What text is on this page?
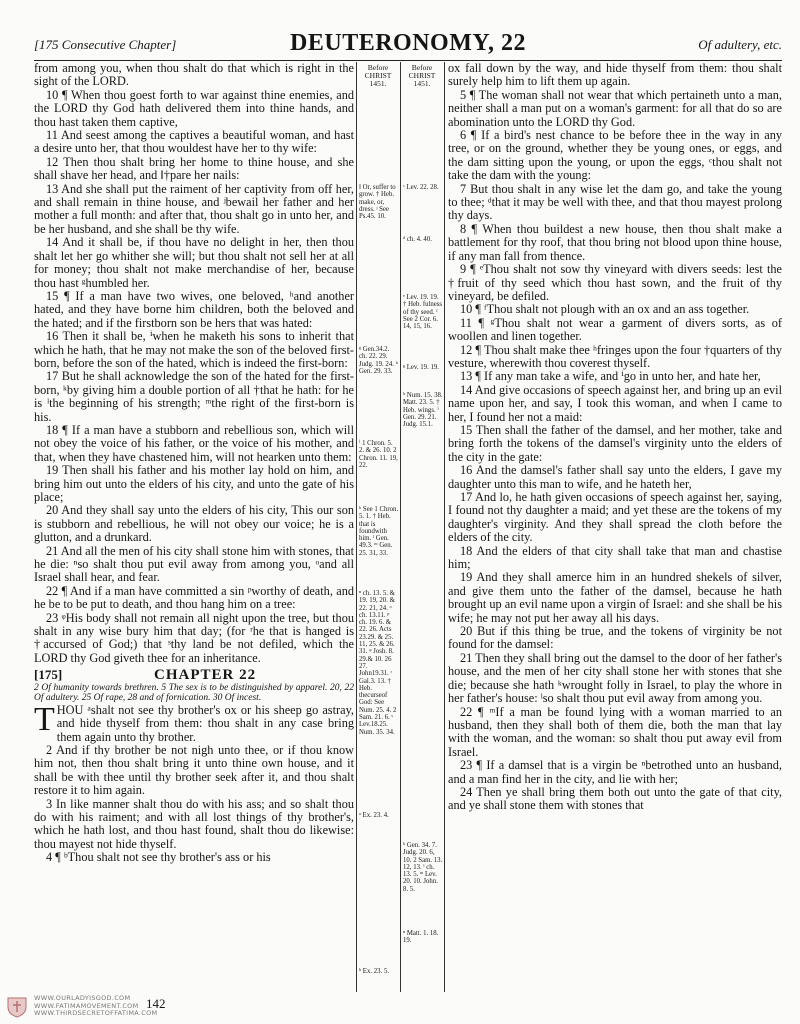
[175 Consecutive Chapter]	DEUTERONOMY, 22	Of adultery, etc.

from among you, when thou shalt do that which is right in the sight of the LORD.

10 ¶ When thou goest forth to war against thine enemies, and the LORD thy God hath delivered them into thine hands, and thou hast taken them captive,

11 And seest among the captives a beautiful woman, and hast a desire unto her, that thou wouldest have her to thy wife:

12 Then thou shalt bring her home to thine house, and she shall shave her head, and ‖†pare her nails:

13 And she shall put the raiment of her captivity from off her, and shall remain in thine house, and ʲbewail her father and her mother a full month: and after that, thou shalt go in unto her, and be her husband, and she shall be thy wife.

14 And it shall be, if thou have no delight in her, then thou shalt let her go whither she will; but thou shalt not sell her at all for money; thou shalt not make merchandise of her, because thou hast ᵍhumbled her.

15 ¶ If a man have two wives, one beloved, ʰand another hated, and they have borne him children, both the beloved and the hated; and if the firstborn son be hers that was hated:

16 Then it shall be, ⁱwhen he maketh his sons to inherit that which he hath, that he may not make the son of the beloved first-born, before the son of the hated, which is indeed the first-born:

17 But he shall acknowledge the son of the hated for the first-born, ᵏby giving him a double portion of all †that he hath: for he is ˡthe beginning of his strength; ᵐthe right of the first-born is his.

18 ¶ If a man have a stubborn and rebellious son, which will not obey the voice of his father, or the voice of his mother, and that, when they have chastened him, will not hearken unto them:

19 Then shall his father and his mother lay hold on him, and bring him out unto the elders of his city, and unto the gate of his place;

20 And they shall say unto the elders of his city, This our son is stubborn and rebellious, he will not obey our voice; he is a glutton, and a drunkard.

21 And all the men of his city shall stone him with stones, that he die: ⁿso shalt thou put evil away from among you, ᵒand all Israel shall hear, and fear.

22 ¶ And if a man have committed a sin ᵖworthy of death, and he be to be put to death, and thou hang him on a tree:

23 ᵠHis body shall not remain all night upon the tree, but thou shalt in any wise bury him that day; (for ʳhe that is hanged is †accursed of God;) that ˢthy land be not defiled, which the LORD thy God giveth thee for an inheritance.

[175]	CHAPTER 22

2 Of humanity towards brethren. 5 The sex is to be distinguished by apparel. 20, 22 Of adultery. 25 Of rape, 28 and of fornication. 30 Of incest.

THOU ᵃshalt not see thy brother's ox or his sheep go astray, and hide thyself from them: thou shalt in any case bring them again unto thy brother.

2 And if thy brother be not nigh unto thee, or if thou know him not, then thou shalt bring it unto thine own house, and it shall be with thee until thy brother seek after it, and thou shalt restore it to him again.

3 In like manner shalt thou do with his ass; and so shalt thou do with his raiment; and with all lost things of thy brother's, which he hath lost, and thou hast found, shalt thou do likewise: thou mayest not hide thyself.

4 ¶ ᵇThou shalt not see thy brother's ass or his

Before
CHRIST
1451.
Before
CHRIST
1451.
‖ Or, suffer to grow. † Heb. make, or, dress. ʲ See Ps.45. 10.
ᵍ Gen.34.2. ch. 22. 29. Judg. 19. 24. ʰ Gen. 29. 33.
ⁱ 1 Chron. 5. 2. & 26. 10. 2 Chron. 11. 19, 22.
ᵏ See 1 Chron. 5. 1. † Heb. that is foundwith him. ˡ Gen. 49.3. ᵐ Gen. 25. 31, 33.
ⁿ ch. 13. 5. & 19. 19, 20. & 22. 21, 24. ᵒ ch. 13.11. ᵖ ch. 19. 6. & 22. 26. Acts 23.29. & 25. 11, 25. & 26. 31. ᵠ Josh. 8. 29.& 10. 26 27. John19.31. ʳ Gal.3. 13. † Heb. thecurseof God: See Num. 25. 4. 2 Sam. 21. 6. ˢ Lev.18.25. Num. 35. 34.
ᵃ Ex. 23. 4.
ᵇ Ex. 23. 5.
ᶜ Lev. 22. 28.
ᵈ ch. 4. 40.
ᵉ Lev. 19. 19. † Heb. fulness of thy seed. ᶠ See 2 Cor. 6. 14, 15, 16.
ᵍ Lev. 19. 19.
ʰ Num. 15. 38. Matt. 23. 5. † Heb. wings. ⁱ Gen. 29. 21. Judg. 15.1.
ᵏ Gen. 34. 7. Judg. 20. 6, 10. 2 Sam. 13. 12, 13. ˡ ch. 13. 5. ᵐ Lev. 20. 10. John. 8. 5.
ⁿ Matt. 1. 18. 19.

ox fall down by the way, and hide thyself from them: thou shalt surely help him to lift them up again.

5 ¶ The woman shall not wear that which pertaineth unto a man, neither shall a man put on a woman's garment: for all that do so are abomination unto the LORD thy God.

6 ¶ If a bird's nest chance to be before thee in the way in any tree, or on the ground, whether they be young ones, or eggs, and the dam sitting upon the young, or upon the eggs, ᶜthou shalt not take the dam with the young:

7 But thou shalt in any wise let the dam go, and take the young to thee; ᵈthat it may be well with thee, and that thou mayest prolong thy days.

8 ¶ When thou buildest a new house, then thou shalt make a battlement for thy roof, that thou bring not blood upon thine house, if any man fall from thence.

9 ¶ ᵉThou shalt not sow thy vineyard with divers seeds: lest the †fruit of thy seed which thou hast sown, and the fruit of thy vineyard, be defiled.

10 ¶ ᶠThou shalt not plough with an ox and an ass together.

11 ¶ ᵍThou shalt not wear a garment of divers sorts, as of woollen and linen together.

12 ¶ Thou shalt make thee ʰfringes upon the four †quarters of thy vesture, wherewith thou coverest thyself.

13 ¶ If any man take a wife, and ⁱgo in unto her, and hate her,

14 And give occasions of speech against her, and bring up an evil name upon her, and say, I took this woman, and when I came to her, I found her not a maid:

15 Then shall the father of the damsel, and her mother, take and bring forth the tokens of the damsel's virginity unto the elders of the city in the gate:

16 And the damsel's father shall say unto the elders, I gave my daughter unto this man to wife, and he hateth her,

17 And lo, he hath given occasions of speech against her, saying, I found not thy daughter a maid; and yet these are the tokens of my daughter's virginity. And they shall spread the cloth before the elders of the city.

18 And the elders of that city shall take that man and chastise him;

19 And they shall amerce him in an hundred shekels of silver, and give them unto the father of the damsel, because he hath brought up an evil name upon a virgin of Israel: and she shall be his wife; he may not put her away all his days.

20 But if this thing be true, and the tokens of virginity be not found for the damsel:

21 Then they shall bring out the damsel to the door of her father's house, and the men of her city shall stone her with stones that she die; because she hath ᵏwrought folly in Israel, to play the whore in her father's house: ˡso shalt thou put evil away from among you.

22 ¶ ᵐIf a man be found lying with a woman married to an husband, then they shall both of them die, both the man that lay with the woman, and the woman: so shalt thou put away evil from Israel.

23 ¶ If a damsel that is a virgin be ⁿbetrothed unto an husband, and a man find her in the city, and lie with her;

24 Then ye shall bring them both out unto the gate of that city, and ye shall stone them with stones that

WWW.OURLADYISGOD.COM
WWW.FATIMAMOVEMENT.COM
WWW.THIRDSECRETOFFATIMA.COM
142
